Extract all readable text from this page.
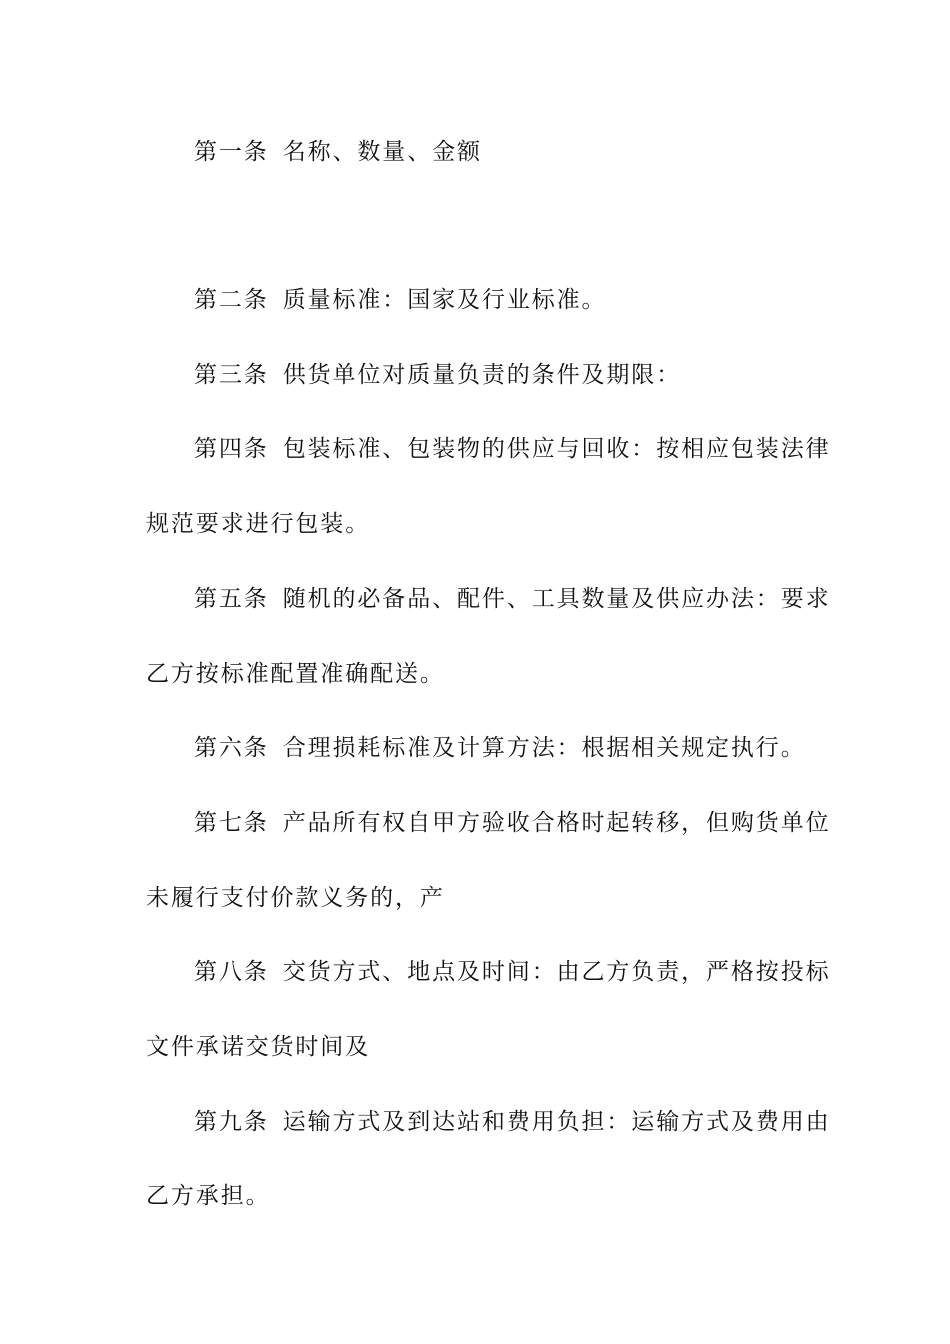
第一条 名称、数量、金额
第二条 质量标准：国家及行业标准。
第三条 供货单位对质量负责的条件及期限：
第四条 包装标准、包装物的供应与回收：按相应包装法律
规范要求进行包装。
第五条 随机的必备品、配件、工具数量及供应办法：要求
乙方按标准配置准确配送。
第六条 合理损耗标准及计算方法：根据相关规定执行。
第七条 产品所有权自甲方验收合格时起转移，但购货单位
未履行支付价款义务的，产
第八条 交货方式、地点及时间：由乙方负责，严格按投标
文件承诺交货时间及
第九条 运输方式及到达站和费用负担：运输方式及费用由
乙方承担。
